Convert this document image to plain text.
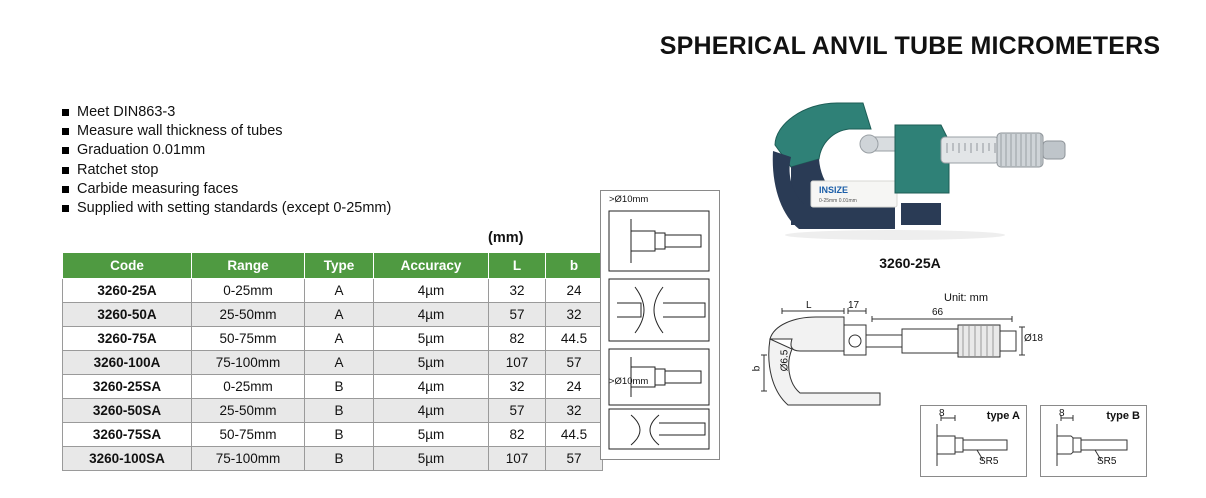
SPHERICAL ANVIL TUBE MICROMETERS
Meet DIN863-3
Measure wall thickness of tubes
Graduation 0.01mm
Ratchet stop
Carbide measuring faces
Supplied with setting standards (except 0-25mm)
(mm)
Code	Range	Type	Accuracy	L	b
3260-25A	0-25mm	A	4µm	32	24
3260-50A	25-50mm	A	4µm	57	32
3260-75A	50-75mm	A	5µm	82	44.5
3260-100A	75-100mm	A	5µm	107	57
3260-25SA	0-25mm	B	4µm	32	24
3260-50SA	25-50mm	B	4µm	57	32
3260-75SA	50-75mm	B	5µm	82	44.5
3260-100SA	75-100mm	B	5µm	107	57
>Ø10mm
>Ø10mm
INSIZE
0-25mm 0.01mm
3260-25A
Unit: mm
L	17
66
Ø18
b Ø6.5
type A
8
SR5
type B
8
SR5
